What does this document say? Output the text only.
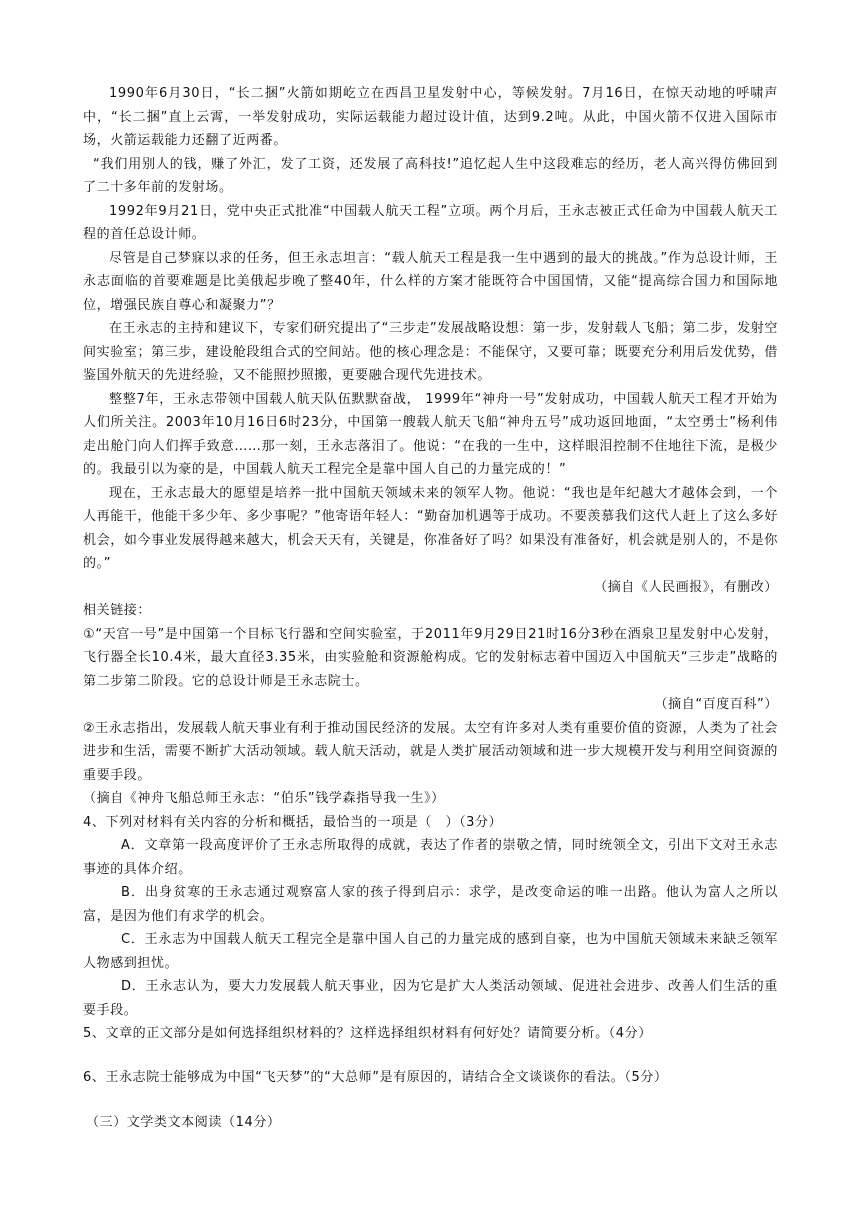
1990年6月30日，“长二捆”火箭如期屹立在西昌卫星发射中心，等候发射。7月16日，在惊天动地的呼啸声中，“长二捆”直上云霄，一举发射成功，实际运载能力超过设计值，达到9.2吨。从此，中国火箭不仅进入国际市场，火箭运载能力还翻了近两番。

“我们用别人的钱，赚了外汇，发了工资，还发展了高科技!”追忆起人生中这段难忘的经历，老人高兴得仿佛回到了二十多年前的发射场。

1992年9月21日，党中央正式批准“中国载人航天工程”立项。两个月后，王永志被正式任命为中国载人航天工程的首任总设计师。

尽管是自己梦寐以求的任务，但王永志坦言：“载人航天工程是我一生中遇到的最大的挑战。”作为总设计师，王永志面临的首要难题是比美俄起步晚了整40年，什么样的方案才能既符合中国国情，又能“提高综合国力和国际地位，增强民族自尊心和凝聚力”？

在王永志的主持和建议下，专家们研究提出了“三步走”发展战略设想：第一步，发射载人飞船；第二步，发射空间实验室；第三步，建设舱段组合式的空间站。他的核心理念是：不能保守，又要可靠；既要充分利用后发优势，借鉴国外航天的先进经验，又不能照抄照搬，更要融合现代先进技术。

整整7年，王永志带领中国载人航天队伍默默奋战， 1999年“神舟一号”发射成功，中国载人航天工程才开始为人们所关注。2003年10月16日6时23分，中国第一艘载人航天飞船“神舟五号”成功返回地面，“太空勇士”杨利伟走出舱门向人们挥手致意……那一刻，王永志落泪了。他说：“在我的一生中，这样眼泪控制不住地往下流，是极少的。我最引以为豪的是，中国载人航天工程完全是靠中国人自己的力量完成的！”

现在，王永志最大的愿望是培养一批中国航天领域未来的领军人物。他说：“我也是年纪越大才越体会到，一个人再能干，他能干多少年、多少事呢？”他寄语年轻人：“勤奋加机遇等于成功。不要羡慕我们这代人赶上了这么多好机会，如今事业发展得越来越大，机会天天有，关键是，你准备好了吗？如果没有准备好，机会就是别人的，不是你的。”

（摘自《人民画报》，有删改）

相关链接：

①“天宫一号”是中国第一个目标飞行器和空间实验室，于2011年9月29日21时16分3秒在酒泉卫星发射中心发射，飞行器全长10.4米，最大直径3.35米，由实验舱和资源舱构成。它的发射标志着中国迈入中国航天“三步走”战略的第二步第二阶段。它的总设计师是王永志院士。

（摘自“百度百科”）

②王永志指出，发展载人航天事业有利于推动国民经济的发展。太空有许多对人类有重要价值的资源，人类为了社会进步和生活，需要不断扩大活动领域。载人航天活动，就是人类扩展活动领域和进一步大规模开发与利用空间资源的重要手段。

（摘自《神舟飞船总师王永志：“伯乐”钱学森指导我一生》）

4、下列对材料有关内容的分析和概括，最恰当的一项是（　）（3分）

A．文章第一段高度评价了王永志所取得的成就，表达了作者的崇敬之情，同时统领全文，引出下文对王永志事迹的具体介绍。

B．出身贫寒的王永志通过观察富人家的孩子得到启示：求学，是改变命运的唯一出路。他认为富人之所以富，是因为他们有求学的机会。

C．王永志为中国载人航天工程完全是靠中国人自己的力量完成的感到自豪，也为中国航天领域未来缺乏领军人物感到担忧。

D．王永志认为，要大力发展载人航天事业，因为它是扩大人类活动领域、促进社会进步、改善人们生活的重要手段。

5、文章的正文部分是如何选择组织材料的？这样选择组织材料有何好处？请简要分析。（4分）

6、王永志院士能够成为中国“飞天梦”的“大总师”是有原因的，请结合全文谈谈你的看法。（5分）

（三）文学类文本阅读（14分）
